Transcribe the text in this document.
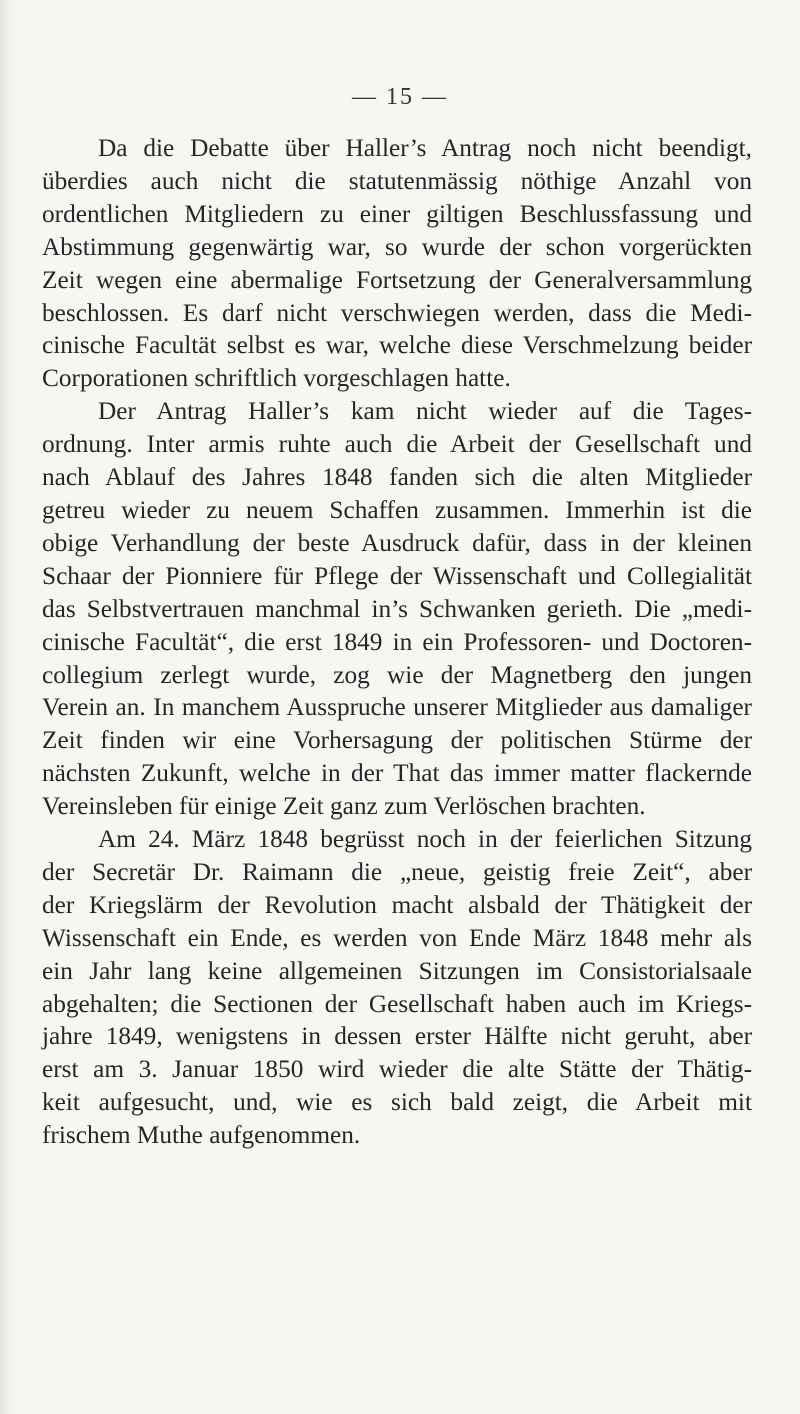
— 15 —
Da die Debatte über Haller’s Antrag noch nicht beendigt,
überdies auch nicht die statutenmässig nöthige Anzahl von
ordentlichen Mitgliedern zu einer giltigen Beschlussfassung und
Abstimmung gegenwärtig war, so wurde der schon vorgerückten
Zeit wegen eine abermalige Fortsetzung der Generalversammlung
beschlossen. Es darf nicht verschwiegen werden, dass die Medi-
cinische Facultät selbst es war, welche diese Verschmelzung beider
Corporationen schriftlich vorgeschlagen hatte.
Der Antrag Haller’s kam nicht wieder auf die Tages-
ordnung. Inter armis ruhte auch die Arbeit der Gesellschaft und
nach Ablauf des Jahres 1848 fanden sich die alten Mitglieder
getreu wieder zu neuem Schaffen zusammen. Immerhin ist die
obige Verhandlung der beste Ausdruck dafür, dass in der kleinen
Schaar der Pionniere für Pflege der Wissenschaft und Collegialität
das Selbstvertrauen manchmal in’s Schwanken gerieth. Die „medi-
cinische Facultät“, die erst 1849 in ein Professoren- und Doctoren-
collegium zerlegt wurde, zog wie der Magnetberg den jungen
Verein an. In manchem Ausspruche unserer Mitglieder aus damaliger
Zeit finden wir eine Vorhersagung der politischen Stürme der
nächsten Zukunft, welche in der That das immer matter flackernde
Vereinsleben für einige Zeit ganz zum Verlöschen brachten.
Am 24. März 1848 begrüsst noch in der feierlichen Sitzung
der Secretär Dr. Raimann die „neue, geistig freie Zeit“, aber
der Kriegslärm der Revolution macht alsbald der Thätigkeit der
Wissenschaft ein Ende, es werden von Ende März 1848 mehr als
ein Jahr lang keine allgemeinen Sitzungen im Consistorialsaale
abgehalten; die Sectionen der Gesellschaft haben auch im Kriegs-
jahre 1849, wenigstens in dessen erster Hälfte nicht geruht, aber
erst am 3. Januar 1850 wird wieder die alte Stätte der Thätig-
keit aufgesucht, und, wie es sich bald zeigt, die Arbeit mit
frischem Muthe aufgenommen.
